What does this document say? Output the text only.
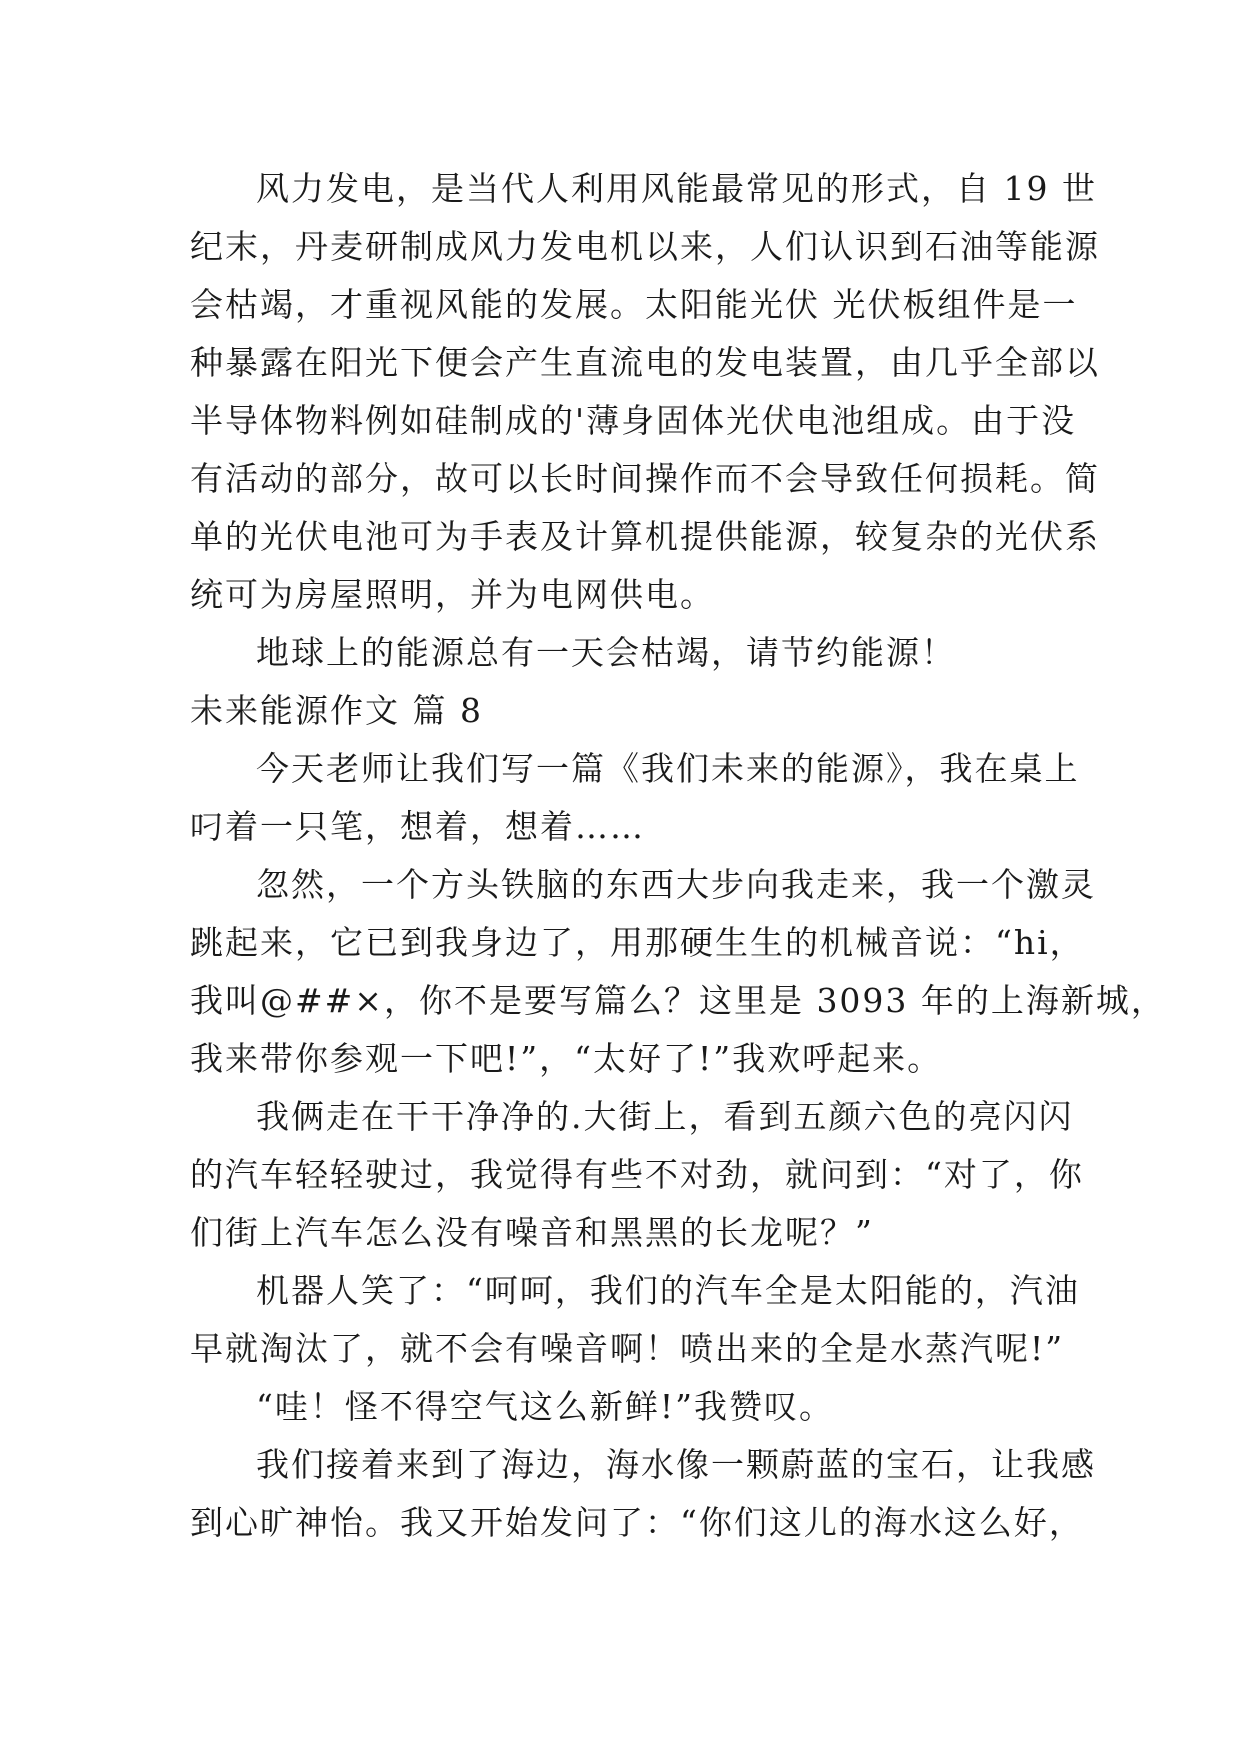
风力发电，是当代人利用风能最常见的形式，自 19 世
纪末，丹麦研制成风力发电机以来，人们认识到石油等能源
会枯竭，才重视风能的发展。太阳能光伏 光伏板组件是一
种暴露在阳光下便会产生直流电的发电装置，由几乎全部以
半导体物料例如硅制成的'薄身固体光伏电池组成。由于没
有活动的部分，故可以长时间操作而不会导致任何损耗。简
单的光伏电池可为手表及计算机提供能源，较复杂的光伏系
统可为房屋照明，并为电网供电。
地球上的能源总有一天会枯竭，请节约能源！
未来能源作文 篇 8
今天老师让我们写一篇《我们未来的能源》，我在桌上
叼着一只笔，想着，想着……
忽然，一个方头铁脑的东西大步向我走来，我一个激灵
跳起来，它已到我身边了，用那硬生生的机械音说：“hi，
我叫@##×，你不是要写篇么？这里是 3093 年的上海新城，
我来带你参观一下吧!”，“太好了!”我欢呼起来。
我俩走在干干净净的.大街上，看到五颜六色的亮闪闪
的汽车轻轻驶过，我觉得有些不对劲，就问到：“对了，你
们街上汽车怎么没有噪音和黑黑的长龙呢？”
机器人笑了：“呵呵，我们的汽车全是太阳能的，汽油
早就淘汰了，就不会有噪音啊！喷出来的全是水蒸汽呢!”
“哇！怪不得空气这么新鲜!”我赞叹。
我们接着来到了海边，海水像一颗蔚蓝的宝石，让我感
到心旷神怡。我又开始发问了：“你们这儿的海水这么好，
